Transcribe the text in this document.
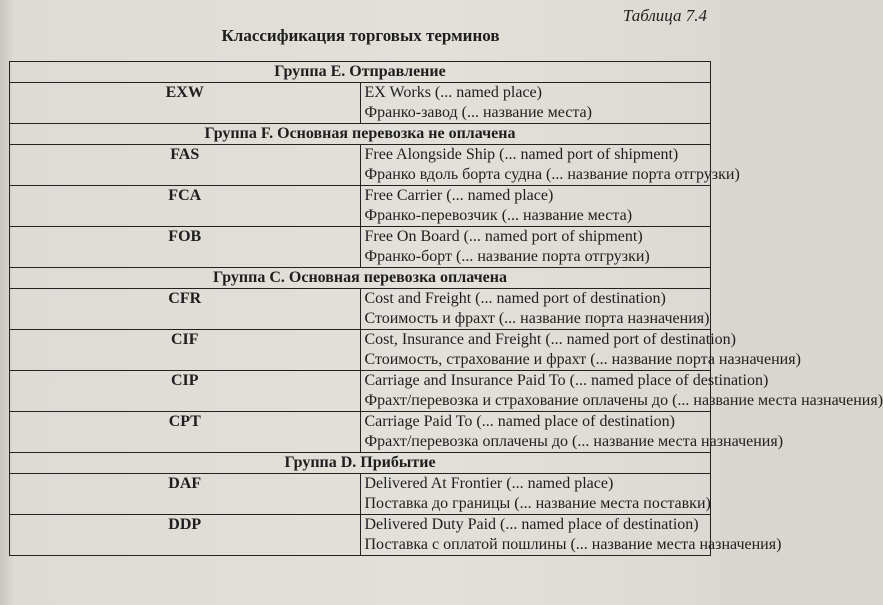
Таблица 7.4
Классификация торговых терминов
Группа E. Отправление	
EXW	EX Works (... named place)
Франко-завод (... название места)

Группа F. Основная перевозка не оплачена	
FAS	Free Alongside Ship (... named port of shipment)
Франко вдоль борта судна (... название порта отгрузки)

FCA	Free Carrier (... named place)
Франко-перевозчик (... название места)

FOB	Free On Board (... named port of shipment)
Франко-борт (... название порта отгрузки)

Группа C. Основная перевозка оплачена	
CFR	Cost and Freight (... named port of destination)
Стоимость и фрахт (... название порта назначения)

CIF	Cost, Insurance and Freight (... named port of destination)
Стоимость, страхование и фрахт (... название порта назначения)

CIP	Carriage and Insurance Paid To (... named place of destination)
Фрахт/перевозка и страхование оплачены до (... название места назначения)

CPT	Carriage Paid To (... named place of destination)
Фрахт/перевозка оплачены до (... название места назначения)

Группа D. Прибытие	
DAF	Delivered At Frontier (... named place)
Поставка до границы (... название места поставки)

DDP	Delivered Duty Paid (... named place of destination)
Поставка с оплатой пошлины (... название места назначения)
